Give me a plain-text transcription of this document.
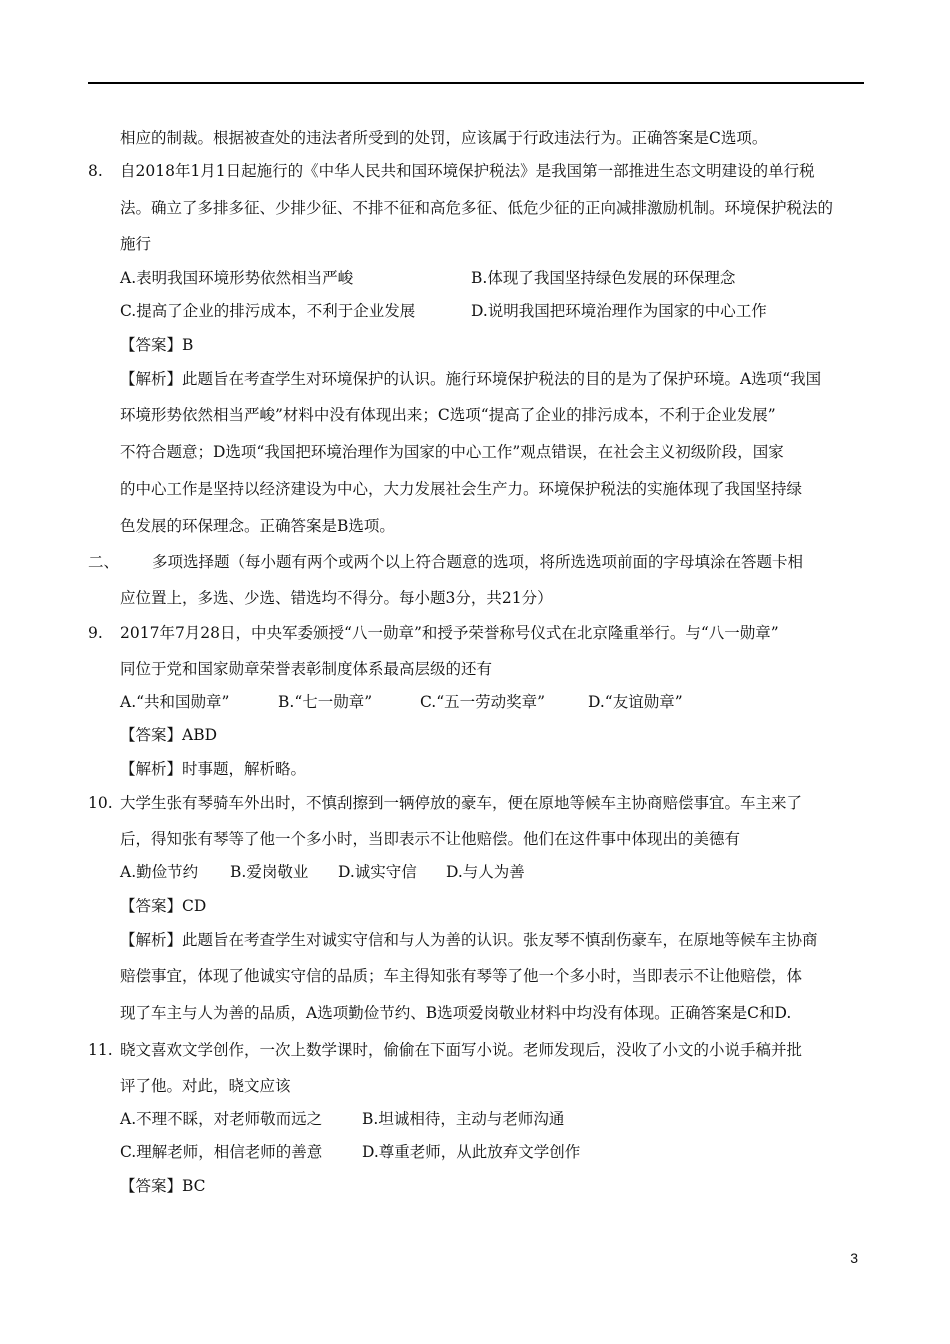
相应的制裁。根据被查处的违法者所受到的处罚，应该属于行政违法行为。正确答案是C选项。
8. 自2018年1月1日起施行的《中华人民共和国环境保护税法》是我国第一部推进生态文明建设的单行税
法。确立了多排多征、少排少征、不排不征和高危多征、低危少征的正向减排激励机制。环境保护税法的
施行
A.表明我国环境形势依然相当严峻	B.体现了我国坚持绿色发展的环保理念
C.提高了企业的排污成本，不利于企业发展	D.说明我国把环境治理作为国家的中心工作
【答案】B
【解析】此题旨在考查学生对环境保护的认识。施行环境保护税法的目的是为了保护环境。A选项“我国
环境形势依然相当严峻”材料中没有体现出来；C选项“提高了企业的排污成本，不利于企业发展”
不符合题意；D选项“我国把环境治理作为国家的中心工作”观点错误，在社会主义初级阶段，国家
的中心工作是坚持以经济建设为中心，大力发展社会生产力。环境保护税法的实施体现了我国坚持绿
色发展的环保理念。正确答案是B选项。
二、 多项选择题（每小题有两个或两个以上符合题意的选项，将所选选项前面的字母填涂在答题卡相
应位置上，多选、少选、错选均不得分。每小题3分，共21分）
9. 2017年7月28日，中央军委颁授“八一勋章”和授予荣誉称号仪式在北京隆重举行。与“八一勋章”
同位于党和国家勋章荣誉表彰制度体系最高层级的还有
A.“共和国勋章”	B.“七一勋章”	C.“五一劳动奖章”	D.“友谊勋章”
【答案】ABD
【解析】时事题，解析略。
10. 大学生张有琴骑车外出时，不慎刮擦到一辆停放的豪车，便在原地等候车主协商赔偿事宜。车主来了
后，得知张有琴等了他一个多小时，当即表示不让他赔偿。他们在这件事中体现出的美德有
A.勤俭节约 B.爱岗敬业 D.诚实守信 D.与人为善
【答案】CD
【解析】此题旨在考查学生对诚实守信和与人为善的认识。张友琴不慎刮伤豪车，在原地等候车主协商
赔偿事宜，体现了他诚实守信的品质；车主得知张有琴等了他一个多小时，当即表示不让他赔偿，体
现了车主与人为善的品质，A选项勤俭节约、B选项爱岗敬业材料中均没有体现。正确答案是C和D.
11. 晓文喜欢文学创作，一次上数学课时，偷偷在下面写小说。老师发现后，没收了小文的小说手稿并批
评了他。对此，晓文应该
A.不理不睬，对老师敬而远之	B.坦诚相待，主动与老师沟通
C.理解老师，相信老师的善意	D.尊重老师，从此放弃文学创作
【答案】BC
3
